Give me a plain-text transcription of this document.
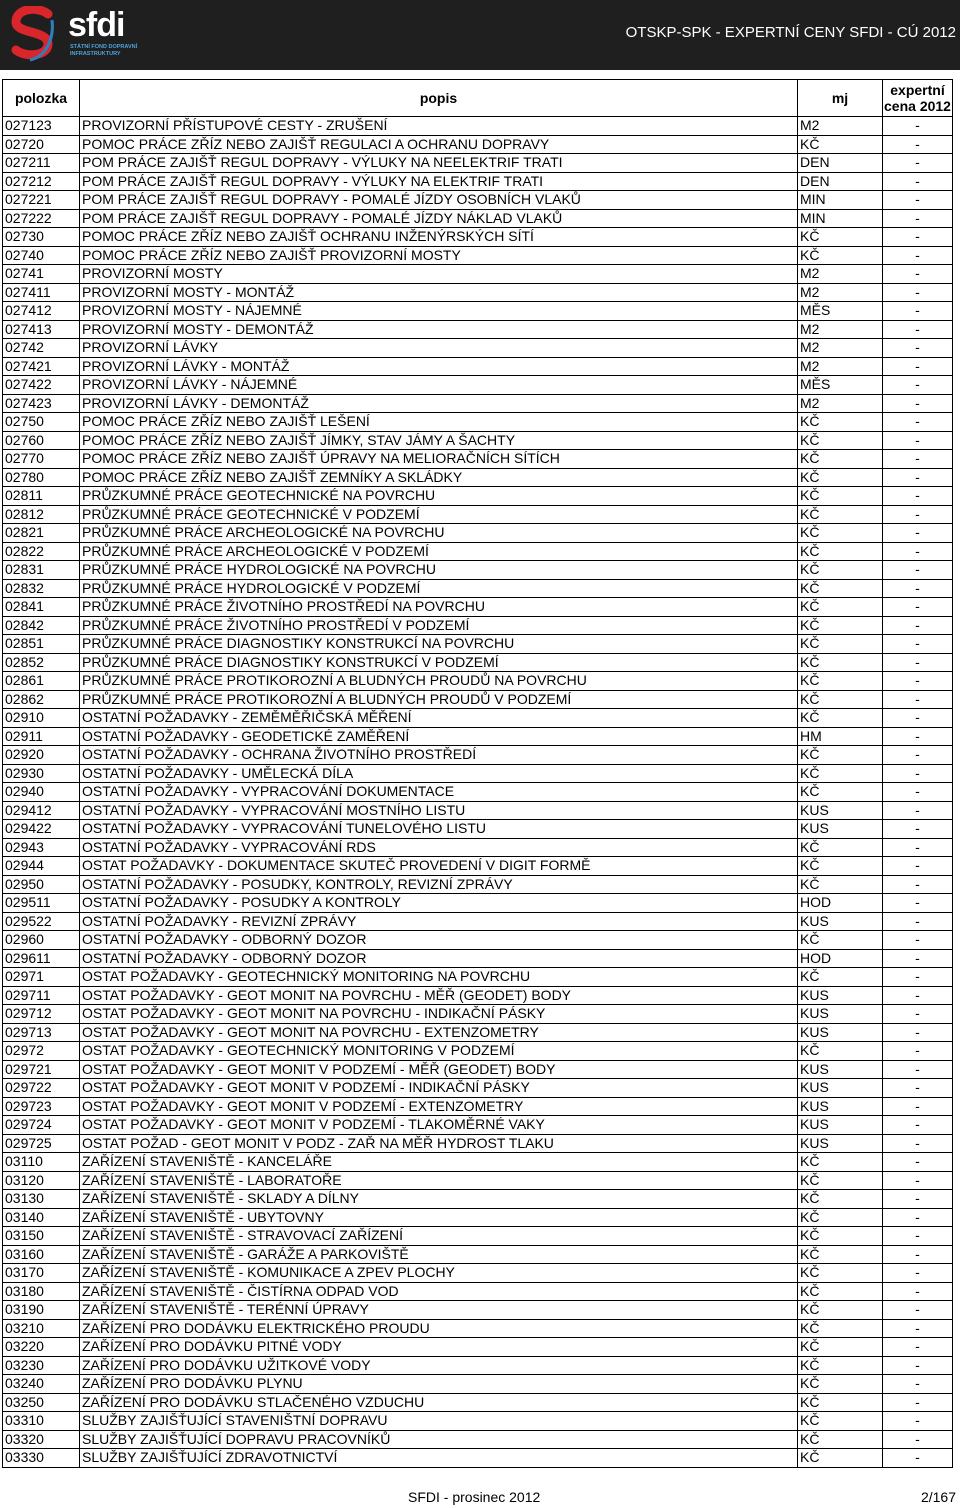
sfdi
STÁTNÍ FOND DOPRAVNÍ INFRASTRUKTURY
OTSKP-SPK - EXPERTNÍ CENY SFDI - CÚ 2012
polozka	popis	mj	expertní cena 2012
027123	PROVIZORNÍ PŘÍSTUPOVÉ CESTY - ZRUŠENÍ	M2	-
02720	POMOC PRÁCE ZŘÍZ NEBO ZAJIŠŤ REGULACI A OCHRANU DOPRAVY	KČ	-
027211	POM PRÁCE ZAJIŠŤ REGUL DOPRAVY - VÝLUKY NA NEELEKTRIF TRATI	DEN	-
027212	POM PRÁCE ZAJIŠŤ REGUL DOPRAVY - VÝLUKY NA ELEKTRIF TRATI	DEN	-
027221	POM PRÁCE ZAJIŠŤ REGUL DOPRAVY - POMALÉ JÍZDY OSOBNÍCH VLAKŮ	MIN	-
027222	POM PRÁCE ZAJIŠŤ REGUL DOPRAVY - POMALÉ JÍZDY NÁKLAD VLAKŮ	MIN	-
02730	POMOC PRÁCE ZŘÍZ NEBO ZAJIŠŤ OCHRANU INŽENÝRSKÝCH SÍTÍ	KČ	-
02740	POMOC PRÁCE ZŘÍZ NEBO ZAJIŠŤ PROVIZORNÍ MOSTY	KČ	-
02741	PROVIZORNÍ MOSTY	M2	-
027411	PROVIZORNÍ MOSTY - MONTÁŽ	M2	-
027412	PROVIZORNÍ MOSTY - NÁJEMNÉ	MĚS	-
027413	PROVIZORNÍ MOSTY - DEMONTÁŽ	M2	-
02742	PROVIZORNÍ LÁVKY	M2	-
027421	PROVIZORNÍ LÁVKY - MONTÁŽ	M2	-
027422	PROVIZORNÍ LÁVKY - NÁJEMNÉ	MĚS	-
027423	PROVIZORNÍ LÁVKY - DEMONTÁŽ	M2	-
02750	POMOC PRÁCE ZŘÍZ NEBO ZAJIŠŤ LEŠENÍ	KČ	-
02760	POMOC PRÁCE ZŘÍZ NEBO ZAJIŠŤ JÍMKY, STAV JÁMY A ŠACHTY	KČ	-
02770	POMOC PRÁCE ZŘÍZ NEBO ZAJIŠŤ ÚPRAVY NA MELIORAČNÍCH SÍTÍCH	KČ	-
02780	POMOC PRÁCE ZŘÍZ NEBO ZAJIŠŤ ZEMNÍKY A SKLÁDKY	KČ	-
02811	PRŮZKUMNÉ PRÁCE GEOTECHNICKÉ NA POVRCHU	KČ	-
02812	PRŮZKUMNÉ PRÁCE GEOTECHNICKÉ V PODZEMÍ	KČ	-
02821	PRŮZKUMNÉ PRÁCE ARCHEOLOGICKÉ NA POVRCHU	KČ	-
02822	PRŮZKUMNÉ PRÁCE ARCHEOLOGICKÉ V PODZEMÍ	KČ	-
02831	PRŮZKUMNÉ PRÁCE HYDROLOGICKÉ NA POVRCHU	KČ	-
02832	PRŮZKUMNÉ PRÁCE HYDROLOGICKÉ V PODZEMÍ	KČ	-
02841	PRŮZKUMNÉ PRÁCE ŽIVOTNÍHO PROSTŘEDÍ NA POVRCHU	KČ	-
02842	PRŮZKUMNÉ PRÁCE ŽIVOTNÍHO PROSTŘEDÍ V PODZEMÍ	KČ	-
02851	PRŮZKUMNÉ PRÁCE DIAGNOSTIKY KONSTRUKCÍ NA POVRCHU	KČ	-
02852	PRŮZKUMNÉ PRÁCE DIAGNOSTIKY KONSTRUKCÍ V PODZEMÍ	KČ	-
02861	PRŮZKUMNÉ PRÁCE PROTIKOROZNÍ A BLUDNÝCH PROUDŮ NA POVRCHU	KČ	-
02862	PRŮZKUMNÉ PRÁCE PROTIKOROZNÍ A BLUDNÝCH PROUDŮ V PODZEMÍ	KČ	-
02910	OSTATNÍ POŽADAVKY - ZEMĚMĚŘIČSKÁ MĚŘENÍ	KČ	-
02911	OSTATNÍ POŽADAVKY - GEODETICKÉ ZAMĚŘENÍ	HM	-
02920	OSTATNÍ POŽADAVKY - OCHRANA ŽIVOTNÍHO PROSTŘEDÍ	KČ	-
02930	OSTATNÍ POŽADAVKY - UMĚLECKÁ DÍLA	KČ	-
02940	OSTATNÍ POŽADAVKY - VYPRACOVÁNÍ DOKUMENTACE	KČ	-
029412	OSTATNÍ POŽADAVKY - VYPRACOVÁNÍ MOSTNÍHO LISTU	KUS	-
029422	OSTATNÍ POŽADAVKY - VYPRACOVÁNÍ TUNELOVÉHO LISTU	KUS	-
02943	OSTATNÍ POŽADAVKY - VYPRACOVÁNÍ RDS	KČ	-
02944	OSTAT POŽADAVKY - DOKUMENTACE SKUTEČ PROVEDENÍ V DIGIT FORMĚ	KČ	-
02950	OSTATNÍ POŽADAVKY - POSUDKY, KONTROLY, REVIZNÍ ZPRÁVY	KČ	-
029511	OSTATNÍ POŽADAVKY - POSUDKY A KONTROLY	HOD	-
029522	OSTATNÍ POŽADAVKY - REVIZNÍ ZPRÁVY	KUS	-
02960	OSTATNÍ POŽADAVKY - ODBORNÝ DOZOR	KČ	-
029611	OSTATNÍ POŽADAVKY - ODBORNÝ DOZOR	HOD	-
02971	OSTAT POŽADAVKY - GEOTECHNICKÝ MONITORING NA POVRCHU	KČ	-
029711	OSTAT POŽADAVKY - GEOT MONIT NA POVRCHU - MĚŘ (GEODET) BODY	KUS	-
029712	OSTAT POŽADAVKY - GEOT MONIT NA POVRCHU - INDIKAČNÍ PÁSKY	KUS	-
029713	OSTAT POŽADAVKY - GEOT MONIT NA POVRCHU - EXTENZOMETRY	KUS	-
02972	OSTAT POŽADAVKY - GEOTECHNICKÝ MONITORING V PODZEMÍ	KČ	-
029721	OSTAT POŽADAVKY - GEOT MONIT V PODZEMÍ - MĚŘ (GEODET) BODY	KUS	-
029722	OSTAT POŽADAVKY - GEOT MONIT V PODZEMÍ - INDIKAČNÍ PÁSKY	KUS	-
029723	OSTAT POŽADAVKY - GEOT MONIT V PODZEMÍ - EXTENZOMETRY	KUS	-
029724	OSTAT POŽADAVKY - GEOT MONIT V PODZEMÍ - TLAKOMĚRNÉ VAKY	KUS	-
029725	OSTAT POŽAD - GEOT MONIT V PODZ - ZAŘ NA MĚŘ HYDROST TLAKU	KUS	-
03110	ZAŘÍZENÍ STAVENIŠTĚ - KANCELÁŘE	KČ	-
03120	ZAŘÍZENÍ STAVENIŠTĚ - LABORATOŘE	KČ	-
03130	ZAŘÍZENÍ STAVENIŠTĚ - SKLADY A DÍLNY	KČ	-
03140	ZAŘÍZENÍ STAVENIŠTĚ - UBYTOVNY	KČ	-
03150	ZAŘÍZENÍ STAVENIŠTĚ - STRAVOVACÍ ZAŘÍZENÍ	KČ	-
03160	ZAŘÍZENÍ STAVENIŠTĚ - GARÁŽE A PARKOVIŠTĚ	KČ	-
03170	ZAŘÍZENÍ STAVENIŠTĚ - KOMUNIKACE A ZPEV PLOCHY	KČ	-
03180	ZAŘÍZENÍ STAVENIŠTĚ - ČISTÍRNA ODPAD VOD	KČ	-
03190	ZAŘÍZENÍ STAVENIŠTĚ - TERÉNNÍ ÚPRAVY	KČ	-
03210	ZAŘÍZENÍ PRO DODÁVKU ELEKTRICKÉHO PROUDU	KČ	-
03220	ZAŘÍZENÍ PRO DODÁVKU PITNÉ VODY	KČ	-
03230	ZAŘÍZENÍ PRO DODÁVKU UŽITKOVÉ VODY	KČ	-
03240	ZAŘÍZENÍ PRO DODÁVKU PLYNU	KČ	-
03250	ZAŘÍZENÍ PRO DODÁVKU STLAČENÉHO VZDUCHU	KČ	-
03310	SLUŽBY ZAJIŠŤUJÍCÍ STAVENIŠTNÍ DOPRAVU	KČ	-
03320	SLUŽBY ZAJIŠŤUJÍCÍ DOPRAVU PRACOVNÍKŮ	KČ	-
03330	SLUŽBY ZAJIŠŤUJÍCÍ ZDRAVOTNICTVÍ	KČ	-
SFDI - prosinec 2012	2/167
